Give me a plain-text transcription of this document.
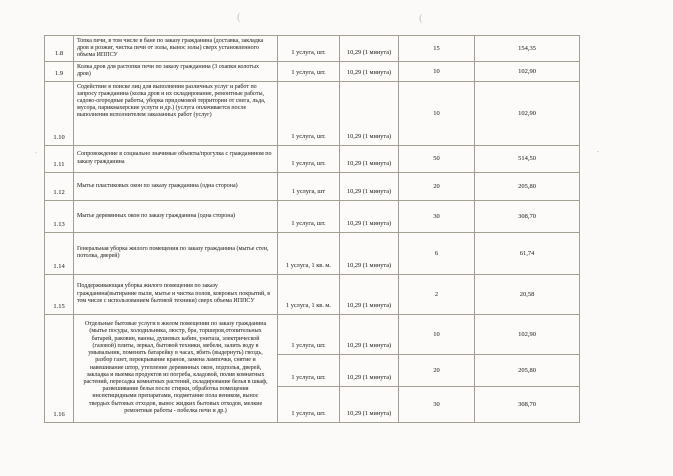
(	(
.
.
1.8	Топка печи, в том числе в бане по заказу гражданина (доставка, закладка дров и розжиг, чистка печи от золы, вынос золы) сверх установленного объема ИППСУ	1 услуга, шт.	10,29 (1 минута)	15	154,35
1.9	Колка дров для растопки печи по заказу гражданина (3 охапки колотых дров)	1 услуга, шт.	10,29 (1 минута)	10	102,90
1.10	Содействие в поиске лиц для выполнения различных услуг и работ по запросу гражданина (колка дров и их складирование, ремонтные работы, садово-огородные работы, уборка придомовой территории от снега, льда, мусора, парикмахерские услуги и др.) (услуга оплачивается после выполнения исполнителем заказанных работ (услуг)	1 услуга, шт.	10,29 (1 минута)	10	102,90
1.11	Сопровождение в социально значимые объекты/прогулка с гражданином по заказу гражданина	1 услуга, шт.	10,29 (1 минута)	50	514,50
1.12	Мытье пластиковых окон по заказу гражданина (одна сторона)	1 услуга, шт	10,29 (1 минута)	20	205,80
1.13	Мытье деревянных окон по заказу гражданина (одна сторона)	1 услуга, шт.	10,29 (1 минута)	30	308,70
1.14	Генеральная уборка жилого помещения по заказу гражданина (мытье стен, потолка, дверей)	1 услуга, 1 кв. м.	10,29 (1 минута)	6	61,74
1.15	Поддерживающая уборка жилого помещения по заказу гражданина(вытирание пыли, мытье и чистка полов, ковровых покрытий, в том числе с использованием бытовой техники) сверх объема ИППСУ	1 услуга, 1 кв. м.	10,29 (1 минута)	2	20,58
1.16	Отдельные бытовые услуги в жилом помещении по заказу гражданина (мытье посуды, холодильника, люстр, бра, торшеров,отопительных батарей, раковин, ванны, душевых кабин, унитаза, электрической (газовой) плиты, зеркал, бытовой техники, мебели, залить воду в умывальник, поменять батарейку в часах, вбить (выдернуть) гвоздь, разбор газет, перекрывание кранов, замена лампочки, снятие и навешивание штор, утепление деревянных окон, подполья, дверей, закладка и выемка продуктов из погреба, кладовой, полив комнатных растений, пересадка комнатных растений, складирование белья в шкаф, развешивание белья после стирки, обработка помещения инсектицидными препаратами, подметание пола веником, вынос твердых бытовых отходов, вынос жидких бытовых отходов, мелкие ремонтные работы - побелка печи и др.)	1 услуга, шт.	10,29 (1 минута)	10	102,90
		1 услуга, шт.	10,29 (1 минута)	20	205,80
		1 услуга, шт.	10,29 (1 минута)	30	308,70
